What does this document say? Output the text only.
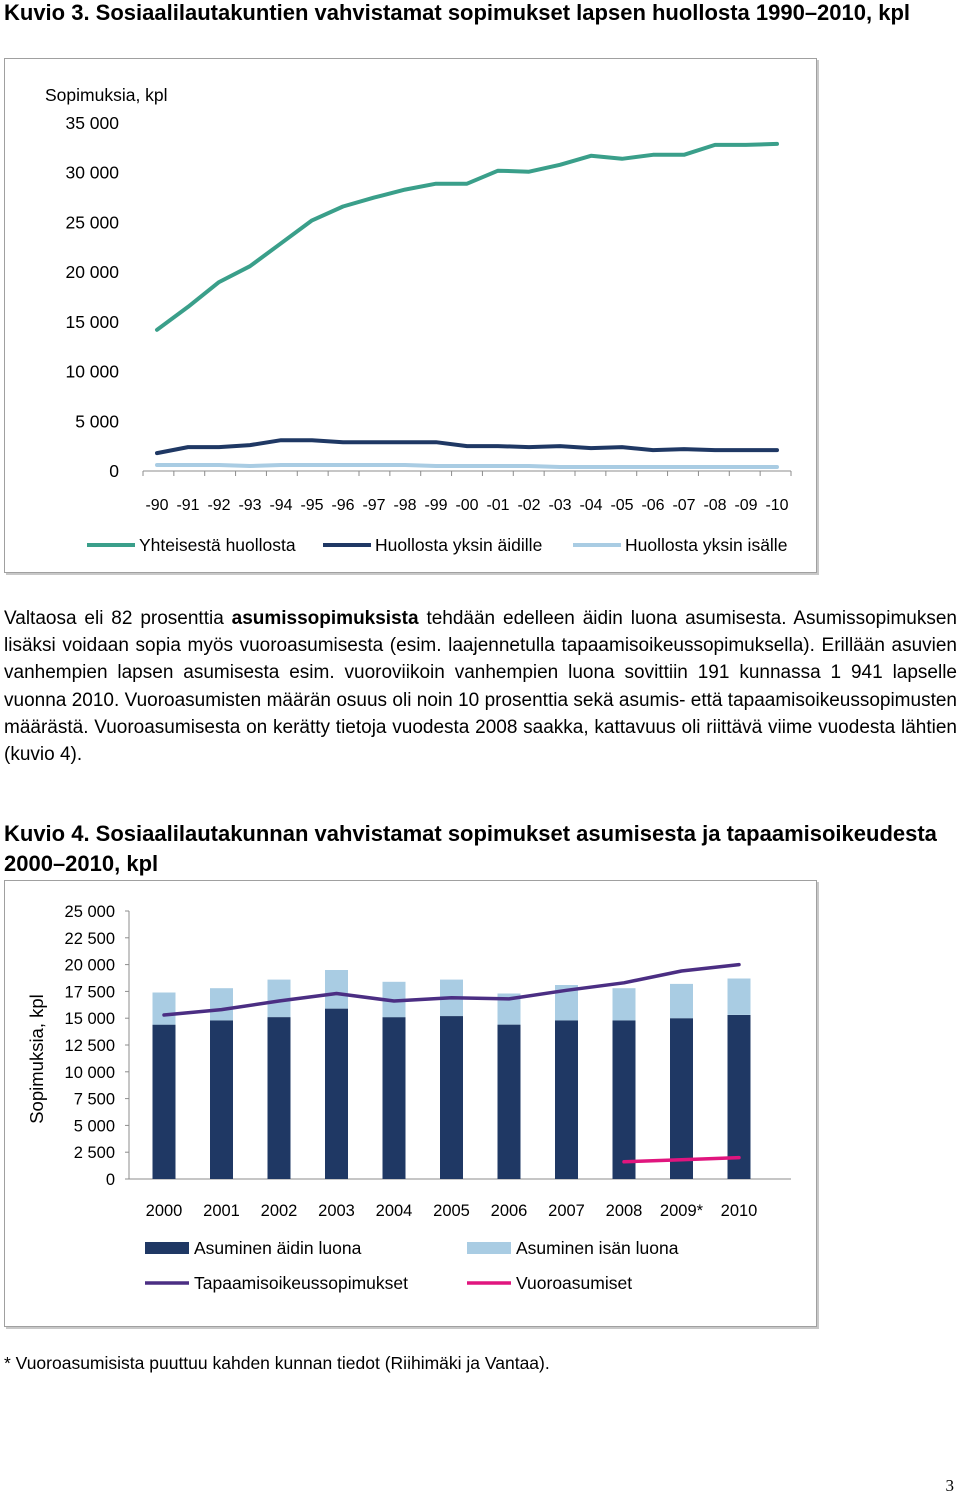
Kuvio 3. Sosiaalilautakuntien vahvistamat sopimukset lapsen huollosta 1990–2010, kpl
Sopimuksia, kpl
0
5 000
10 000
15 000
20 000
25 000
30 000
35 000
-90 -91 -92 -93 -94 -95 -96 -97 -98 -99 -00 -01 -02 -03 -04 -05 -06 -07 -08 -09 -10
Yhteisestä huollosta	Huollosta yksin äidille	Huollosta yksin isälle

Valtaosa eli 82 prosenttia asumissopimuksista tehdään edelleen äidin luona asumisesta. Asumissopimuksen lisäksi voidaan sopia myös vuoroasumisesta (esim. laajennetulla tapaamisoikeussopimuksella). Erillään asuvien vanhempien lapsen asumisesta esim. vuoroviikoin vanhempien luona sovittiin 191 kunnassa 1 941 lapselle vuonna 2010. Vuoroasumisten määrän osuus oli noin 10 prosenttia sekä asumis- että tapaamisoikeussopimusten määrästä. Vuoroasumisesta on kerätty tietoja vuodesta 2008 saakka, kattavuus oli riittävä viime vuodesta lähtien (kuvio 4).

Kuvio 4. Sosiaalilautakunnan vahvistamat sopimukset asumisesta ja tapaamisoikeudesta 2000–2010, kpl
Sopimuksia, kpl
0
2 500
5 000
7 500
10 000
12 500
15 000
17 500
20 000
22 500
25 000
2000 2001 2002 2003 2004 2005 2006 2007 2008 2009* 2010
Asuminen äidin luona	Asuminen isän luona
Tapaamisoikeussopimukset	Vuoroasumiset

* Vuoroasumisista puuttuu kahden kunnan tiedot (Riihimäki ja Vantaa).

3
